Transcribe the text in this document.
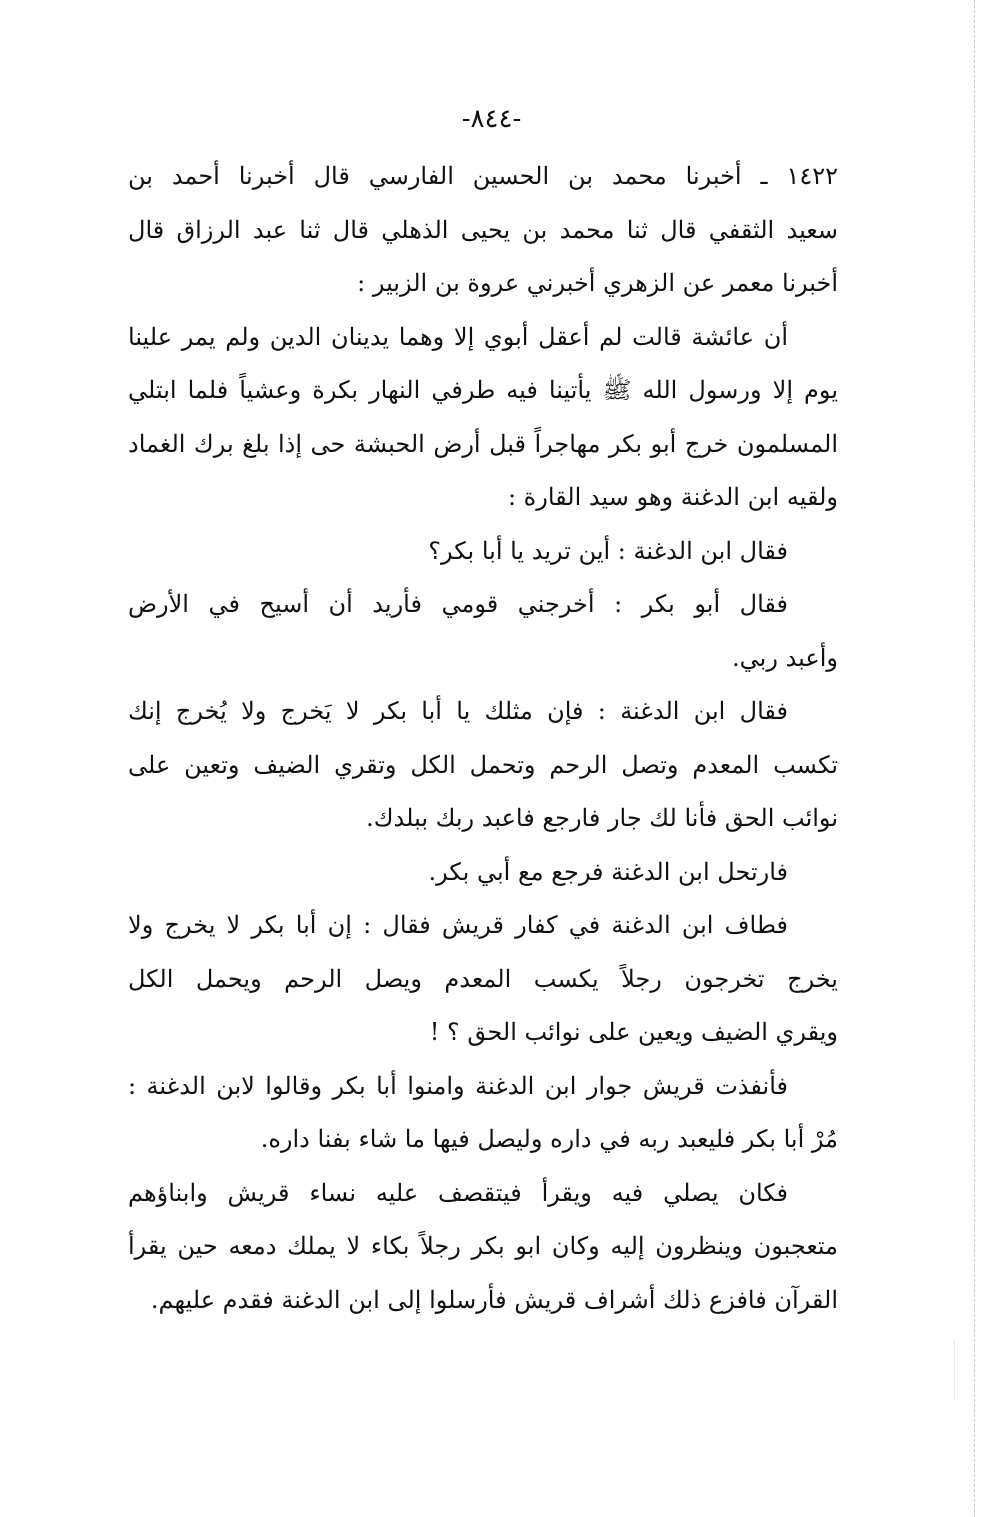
-٨٤٤-
١٤٢٢ ـ أخبرنا محمد بن الحسين الفارسي قال أخبرنا أحمد بن
سعيد الثقفي قال ثنا محمد بن يحيى الذهلي قال ثنا عبد الرزاق قال
أخبرنا معمر عن الزهري أخبرني عروة بن الزبير :
أن عائشة قالت لم أعقل أبوي إلا وهما يدينان الدين ولم يمر علينا
يوم إلا ورسول الله ﷺ يأتينا فيه طرفي النهار بكرة وعشياً فلما ابتلي
المسلمون خرج أبو بكر مهاجراً قبل أرض الحبشة حى إذا بلغ برك الغماد
ولقيه ابن الدغنة وهو سيد القارة :
فقال ابن الدغنة : أين تريد يا أبا بكر؟
فقال أبو بكر : أخرجني قومي فأريد أن أسيح في الأرض
وأعبد ربي.
فقال ابن الدغنة : فإن مثلك يا أبا بكر لا يَخرج ولا يُخرج إنك
تكسب المعدم وتصل الرحم وتحمل الكل وتقري الضيف وتعين على
نوائب الحق فأنا لك جار فارجع فاعبد ربك ببلدك.
فارتحل ابن الدغنة فرجع مع أبي بكر.
فطاف ابن الدغنة في كفار قريش فقال : إن أبا بكر لا يخرج ولا
يخرج تخرجون رجلاً يكسب المعدم ويصل الرحم ويحمل الكل
ويقري الضيف ويعين على نوائب الحق ؟ !
فأنفذت قريش جوار ابن الدغنة وامنوا أبا بكر وقالوا لابن الدغنة :
مُرْ أبا بكر فليعبد ربه في داره وليصل فيها ما شاء بفنا داره.
فكان يصلي فيه ويقرأ فيتقصف عليه نساء قريش وابناؤهم
متعجبون وينظرون إليه وكان ابو بكر رجلاً بكاء لا يملك دمعه حين يقرأ
القرآن فافزع ذلك أشراف قريش فأرسلوا إلى ابن الدغنة فقدم عليهم.
